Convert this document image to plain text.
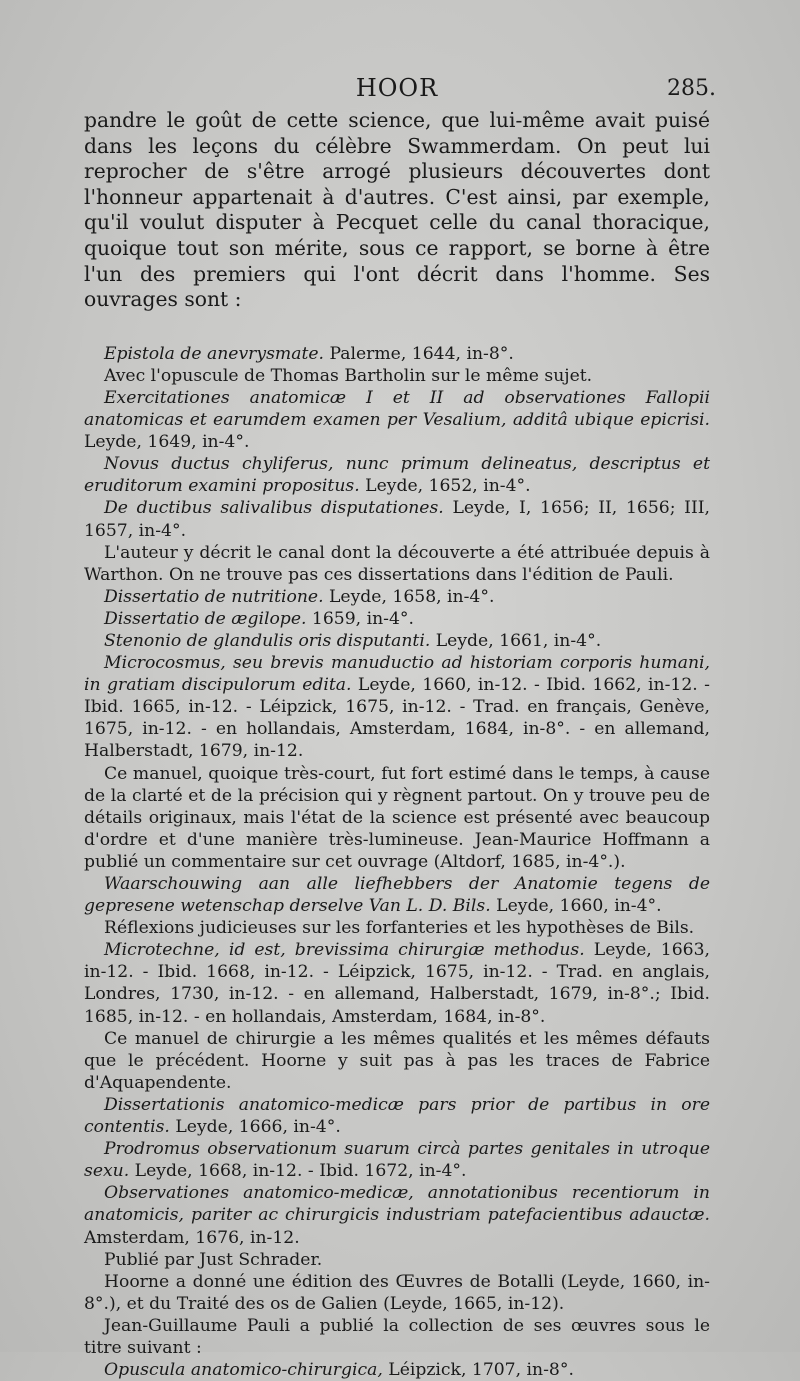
HOOR	285.

pandre le goût de cette science, que lui-même avait puisé dans les leçons du célèbre Swammerdam. On peut lui reprocher de s'être arrogé plusieurs découvertes dont l'honneur appartenait à d'autres. C'est ainsi, par exemple, qu'il voulut disputer à Pecquet celle du canal thoracique, quoique tout son mérite, sous ce rapport, se borne à être l'un des premiers qui l'ont décrit dans l'homme. Ses ouvrages sont :

Epistola de anevrysmate. Palerme, 1644, in-8°.

Avec l'opuscule de Thomas Bartholin sur le même sujet.

Exercitationes anatomicæ I et II ad observationes Fallopii anatomicas et earumdem examen per Vesalium, additâ ubique epicrisi. Leyde, 1649, in-4°.

Novus ductus chyliferus, nunc primum delineatus, descriptus et eruditorum examini propositus. Leyde, 1652, in-4°.

De ductibus salivalibus disputationes. Leyde, I, 1656; II, 1656; III, 1657, in-4°.

L'auteur y décrit le canal dont la découverte a été attribuée depuis à Warthon. On ne trouve pas ces dissertations dans l'édition de Pauli.

Dissertatio de nutritione. Leyde, 1658, in-4°.

Dissertatio de ægilope. 1659, in-4°.

Stenonio de glandulis oris disputanti. Leyde, 1661, in-4°.

Microcosmus, seu brevis manuductio ad historiam corporis humani, in gratiam discipulorum edita. Leyde, 1660, in-12. - Ibid. 1662, in-12. - Ibid. 1665, in-12. - Léipzick, 1675, in-12. - Trad. en français, Genève, 1675, in-12. - en hollandais, Amsterdam, 1684, in-8°. - en allemand, Halberstadt, 1679, in-12.

Ce manuel, quoique très-court, fut fort estimé dans le temps, à cause de la clarté et de la précision qui y règnent partout. On y trouve peu de détails originaux, mais l'état de la science est présenté avec beaucoup d'ordre et d'une manière très-lumineuse. Jean-Maurice Hoffmann a publié un commentaire sur cet ouvrage (Altdorf, 1685, in-4°.).

Waarschouwing aan alle liefhebbers der Anatomie tegens de gepresene wetenschap derselve Van L. D. Bils. Leyde, 1660, in-4°.

Réflexions judicieuses sur les forfanteries et les hypothèses de Bils.

Microtechne, id est, brevissima chirurgiæ methodus. Leyde, 1663, in-12. - Ibid. 1668, in-12. - Léipzick, 1675, in-12. - Trad. en anglais, Londres, 1730, in-12. - en allemand, Halberstadt, 1679, in-8°.; Ibid. 1685, in-12. - en hollandais, Amsterdam, 1684, in-8°.

Ce manuel de chirurgie a les mêmes qualités et les mêmes défauts que le précédent. Hoorne y suit pas à pas les traces de Fabrice d'Aquapendente.

Dissertationis anatomico-medicæ pars prior de partibus in ore contentis. Leyde, 1666, in-4°.

Prodromus observationum suarum circà partes genitales in utroque sexu. Leyde, 1668, in-12. - Ibid. 1672, in-4°.

Observationes anatomico-medicæ, annotationibus recentiorum in anatomicis, pariter ac chirurgicis industriam patefacientibus adauctæ. Amsterdam, 1676, in-12.

Publié par Just Schrader.

Hoorne a donné une édition des Œuvres de Botalli (Leyde, 1660, in-8°.), et du Traité des os de Galien (Leyde, 1665, in-12).

Jean-Guillaume Pauli a publié la collection de ses œuvres sous le titre suivant :

Opuscula anatomico-chirurgica, Léipzick, 1707, in-8°.
